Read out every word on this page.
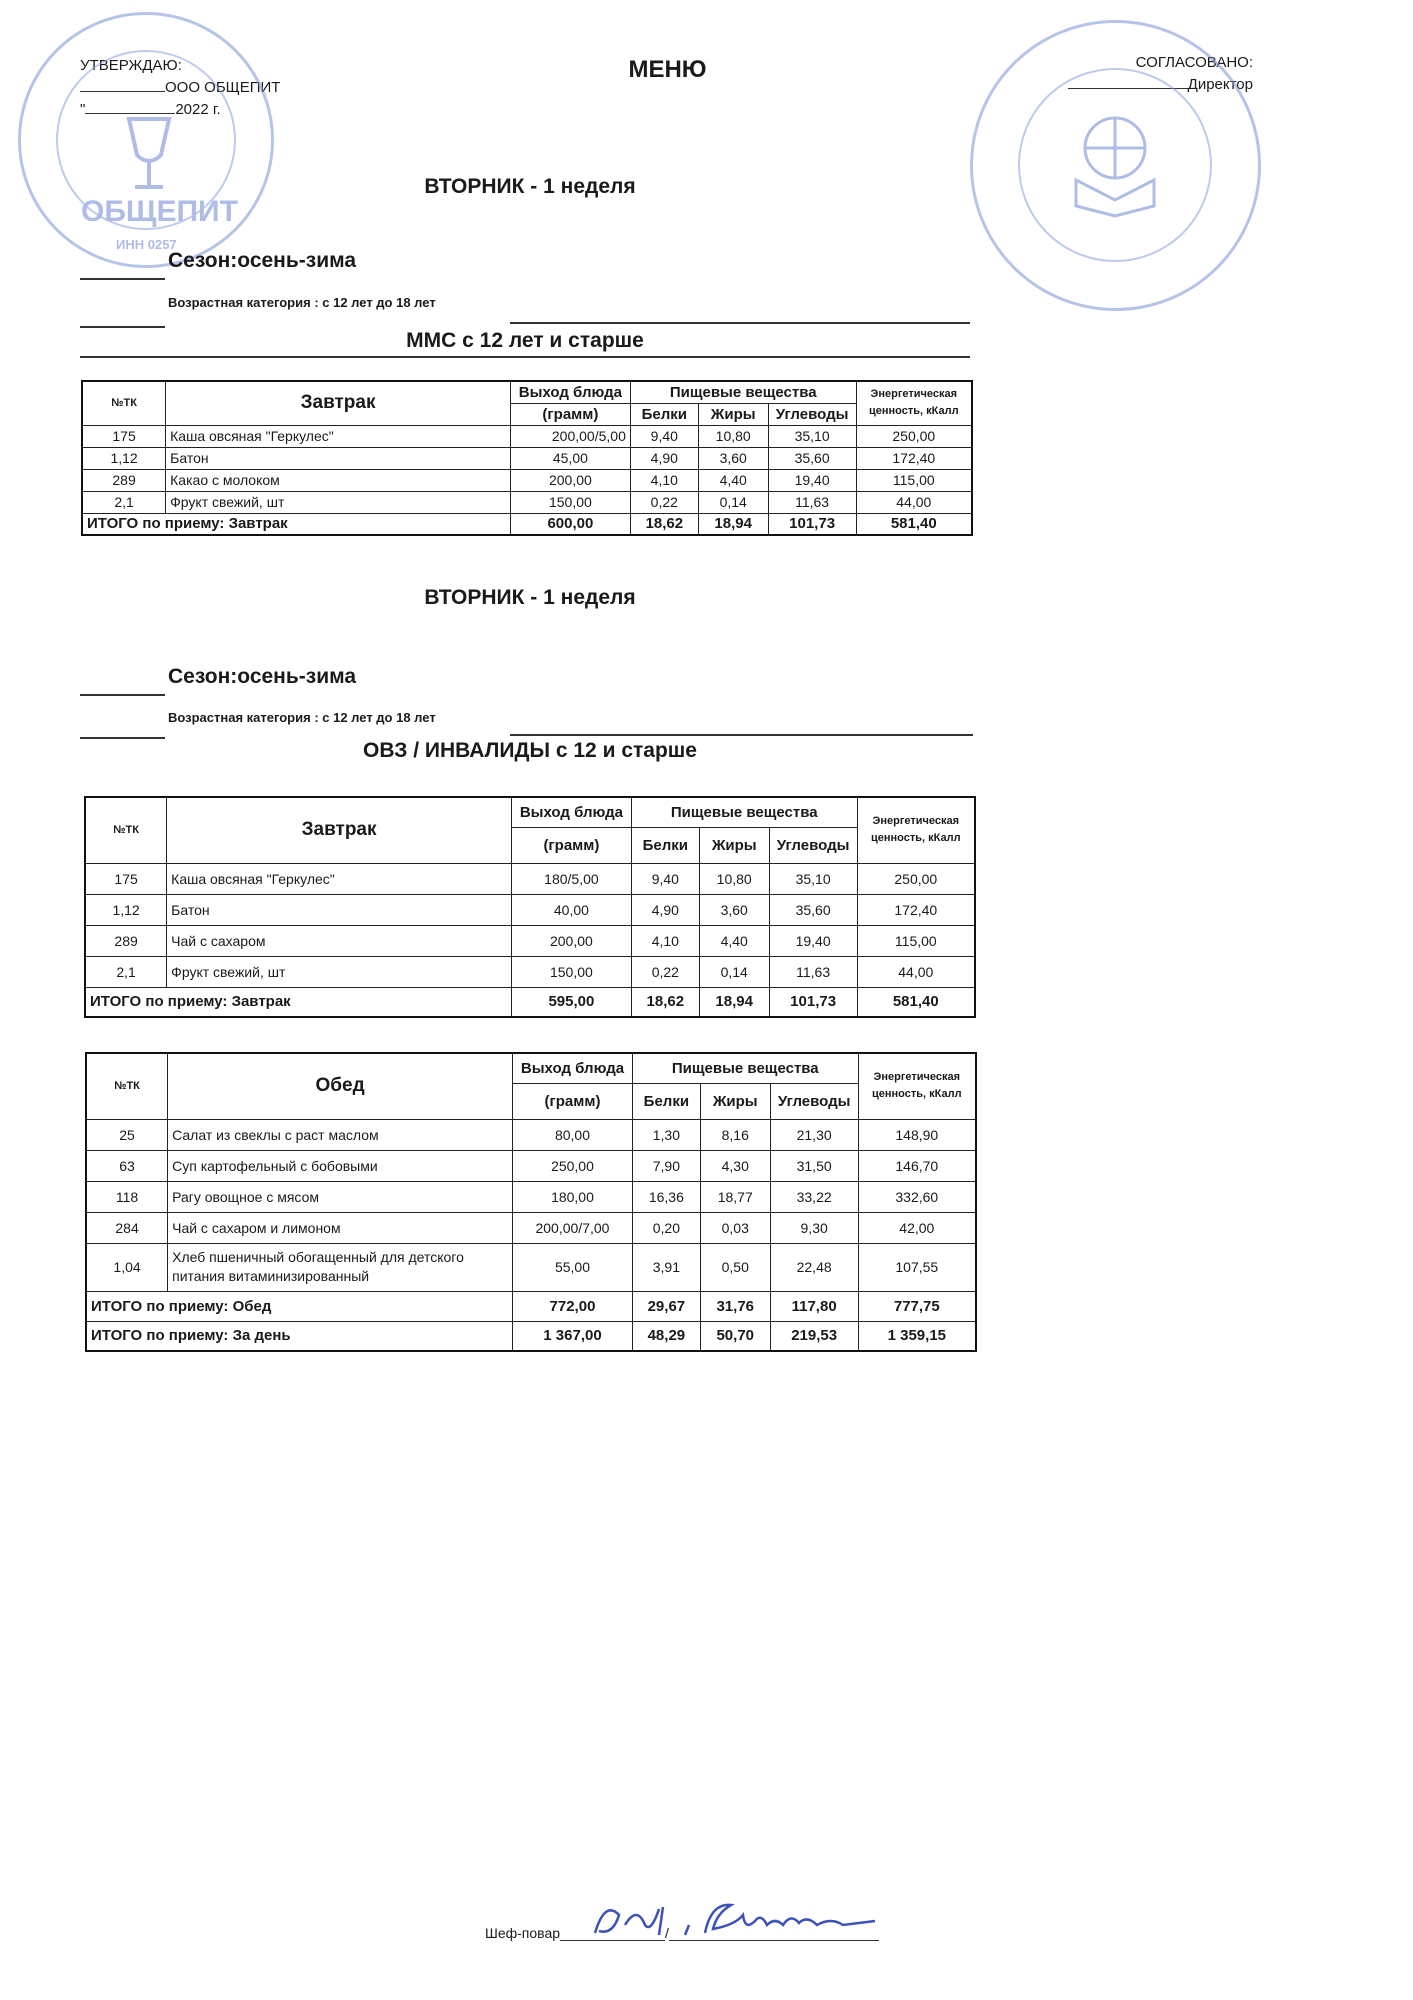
УТВЕРЖДАЮ:
ООО ОБЩЕПИТ
"	2022 г.
МЕНЮ	СОГЛАСОВАНО:
Директор
ОБЩЕПИТ
ИНН 0257
ВТОРНИК - 1 неделя
Сезон:осень-зима
Возрастная категория : с 12 лет до 18 лет
ММС с 12 лет и старше
№ТК	Завтрак	Выход блюда	Пищевые вещества			Энергетическая
ценность, кКалл
		(грамм)	Белки	Жиры	Углеводы	
175	Каша овсяная "Геркулес"	200,00/5,00	9,40	10,80	35,10	250,00
1,12	Батон	45,00	4,90	3,60	35,60	172,40
289	Какао с молоком	200,00	4,10	4,40	19,40	115,00
2,1	Фрукт свежий, шт	150,00	0,22	0,14	11,63	44,00
ИТОГО по приему: Завтрак		600,00	18,62	18,94	101,73	581,40
ВТОРНИК - 1 неделя
Сезон:осень-зима
Возрастная категория : с 12 лет до 18 лет
ОВЗ / ИНВАЛИДЫ с 12 и старше
№ТК	Завтрак	Выход блюда	Пищевые вещества			Энергетическая
ценность, кКалл
		(грамм)	Белки	Жиры	Углеводы	
175	Каша овсяная "Геркулес"	180/5,00	9,40	10,80	35,10	250,00
1,12	Батон	40,00	4,90	3,60	35,60	172,40
289	Чай с сахаром	200,00	4,10	4,40	19,40	115,00
2,1	Фрукт свежий, шт	150,00	0,22	0,14	11,63	44,00
ИТОГО по приему: Завтрак		595,00	18,62	18,94	101,73	581,40
№ТК	Обед	Выход блюда	Пищевые вещества			Энергетическая
ценность, кКалл
		(грамм)	Белки	Жиры	Углеводы	
25	Салат из свеклы с раст маслом	80,00	1,30	8,16	21,30	148,90
63	Суп картофельный с бобовыми	250,00	7,90	4,30	31,50	146,70
118	Рагу овощное с мясом	180,00	16,36	18,77	33,22	332,60
284	Чай с сахаром и лимоном	200,00/7,00	0,20	0,03	9,30	42,00
1,04	Хлеб пшеничный обогащенный для детского питания витаминизированный	55,00	3,91	0,50	22,48	107,55
ИТОГО по приему: Обед		772,00	29,67	31,76	117,80	777,75
ИТОГО по приему: За день		1 367,00	48,29	50,70	219,53	1 359,15
Шеф-повар	/
